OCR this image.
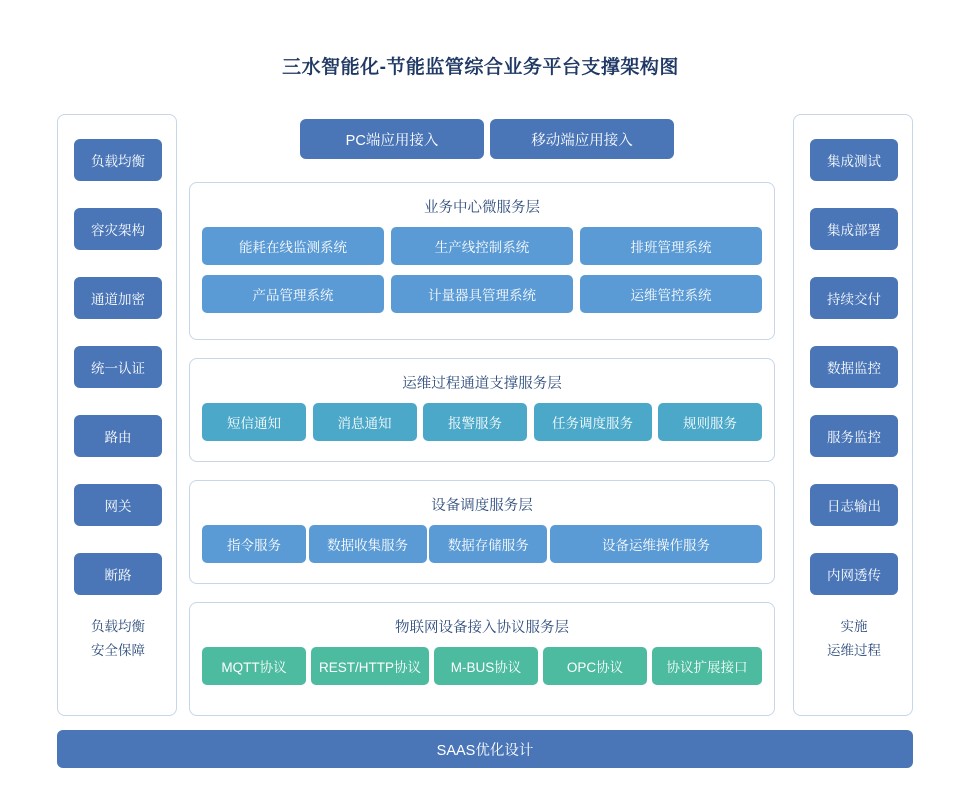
三水智能化-节能监管综合业务平台支撑架构图
PC端应用接入	移动端应用接入
负载均衡
容灾架构
通道加密
统一认证
路由
网关
断路
负载均衡
安全保障
集成测试
集成部署
持续交付
数据监控
服务监控
日志输出
内网透传
实施
运维过程
业务中心微服务层
能耗在线监测系统	生产线控制系统	排班管理系统
产品管理系统	计量器具管理系统	运维管控系统
运维过程通道支撑服务层
短信通知	消息通知	报警服务	任务调度服务	规则服务
设备调度服务层
指令服务	数据收集服务	数据存储服务	设备运维操作服务
物联网设备接入协议服务层
MQTT协议	REST/HTTP协议	M-BUS协议	OPC协议	协议扩展接口
SAAS优化设计
